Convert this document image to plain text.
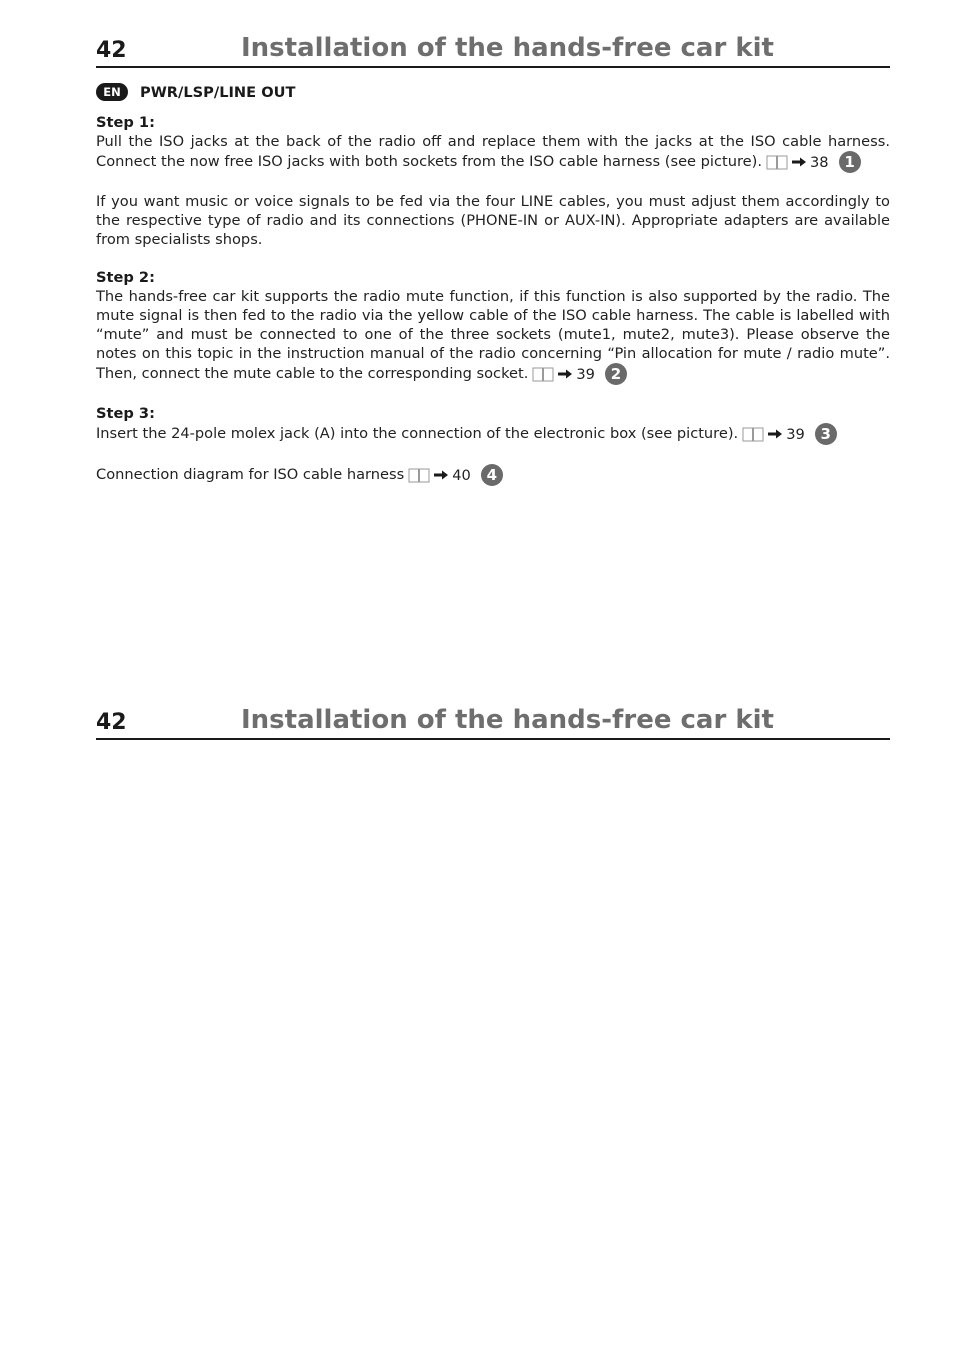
42	Installation of the hands-free car kit
EN	PWR/LSP/LINE OUT
Step 1:

Pull the ISO jacks at the back of the radio off and replace them with the jacks at the ISO cable harness. Connect the now free ISO jacks with both sockets from the ISO cable harness (see picture).	38	1

If you want music or voice signals to be fed via the four LINE cables, you must adjust them accordingly to the respective type of radio and its connections (PHONE-IN or AUX-IN). Appropriate adapters are available from specialists shops.

Step 2:

The hands-free car kit supports the radio mute function, if this function is also supported by the radio. The mute signal is then fed to the radio via the yellow cable of the ISO cable harness. The cable is labelled with “mute” and must be connected to one of the three sockets (mute1, mute2, mute3). Please observe the notes on this topic in the instruction manual of the radio concerning “Pin allocation for mute / radio mute”. Then, connect the mute cable to the corresponding socket.	39	2

Step 3:

Insert the 24-pole molex jack (A) into the connection of the electronic box (see picture).	39	3

Connection diagram for ISO cable harness	40	4

42	Installation of the hands-free car kit
